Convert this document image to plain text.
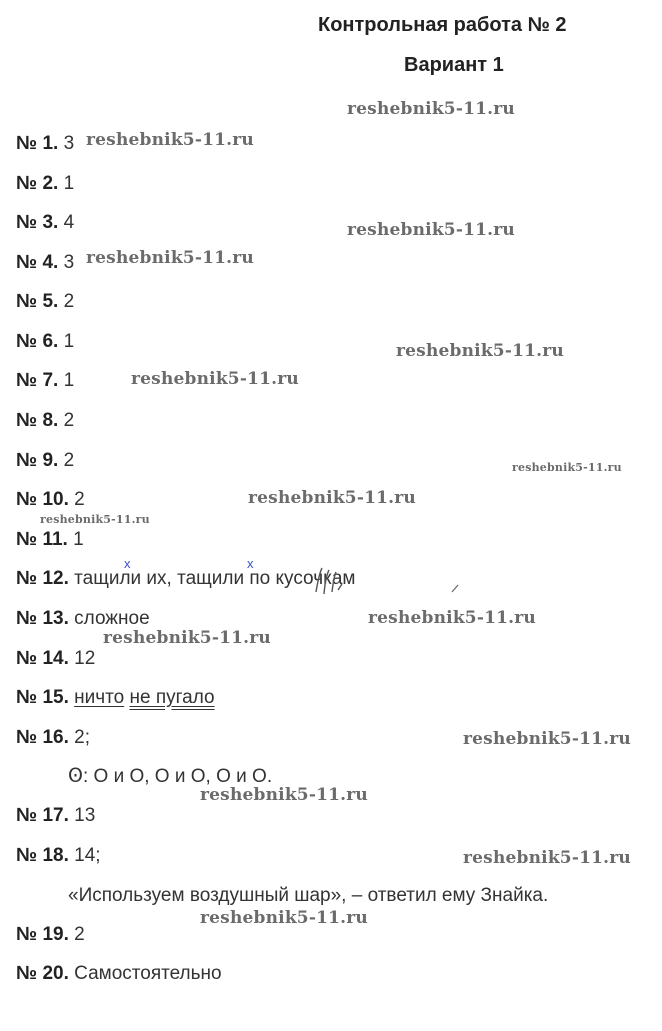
Контрольная работа № 2
Вариант 1
№ 1. 3
№ 2. 1
№ 3. 4
№ 4. 3
№ 5. 2
№ 6. 1
№ 7. 1
№ 8. 2
№ 9. 2
№ 10. 2
№ 11. 1
№ 12. тащили их, тащили по кусочкам
№ 13. сложное
№ 14. 12
№ 15. ничто не пугало
№ 16. 2;
Ꙩ: О и О, О и О, О и О.
№ 17. 13
№ 18. 14;
«Используем воздушный шар», – ответил ему Знайка.
№ 19. 2
№ 20. Самостоятельно
x	x
reshebnik5-11.ru
reshebnik5-11.ru
reshebnik5-11.ru
reshebnik5-11.ru
reshebnik5-11.ru
reshebnik5-11.ru
reshebnik5-11.ru
reshebnik5-11.ru
reshebnik5-11.ru
reshebnik5-11.ru
reshebnik5-11.ru
reshebnik5-11.ru
reshebnik5-11.ru
reshebnik5-11.ru
reshebnik5-11.ru
